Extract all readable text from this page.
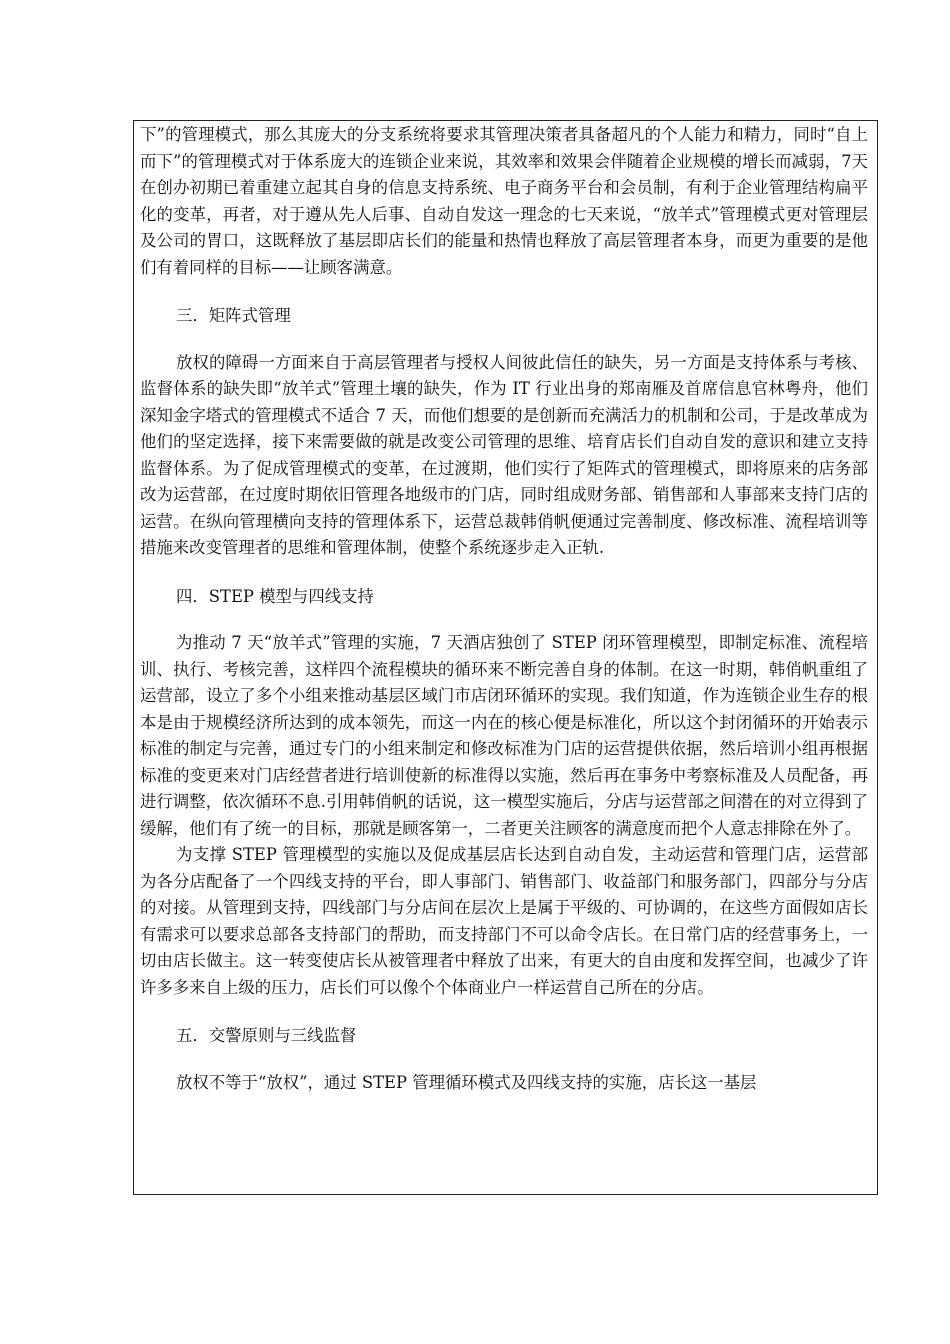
下”的管理模式，那么其庞大的分支系统将要求其管理决策者具备超凡的个人能力和精力，同时“自上而下”的管理模式对于体系庞大的连锁企业来说，其效率和效果会伴随着企业规模的增长而减弱，7天在创办初期已着重建立起其自身的信息支持系统、电子商务平台和会员制，有利于企业管理结构扁平化的变革，再者，对于遵从先人后事、自动自发这一理念的七天来说，“放羊式”管理模式更对管理层及公司的胃口，这既释放了基层即店长们的能量和热情也释放了高层管理者本身，而更为重要的是他们有着同样的目标——让顾客满意。

三．矩阵式管理

放权的障碍一方面来自于高层管理者与授权人间彼此信任的缺失，另一方面是支持体系与考核、监督体系的缺失即“放羊式”管理土壤的缺失，作为 IT 行业出身的郑南雁及首席信息官林粤舟，他们深知金字塔式的管理模式不适合 7 天，而他们想要的是创新而充满活力的机制和公司，于是改革成为他们的坚定选择，接下来需要做的就是改变公司管理的思维、培育店长们自动自发的意识和建立支持监督体系。为了促成管理模式的变革，在过渡期，他们实行了矩阵式的管理模式，即将原来的店务部改为运营部，在过度时期依旧管理各地级市的门店，同时组成财务部、销售部和人事部来支持门店的运营。在纵向管理横向支持的管理体系下，运营总裁韩俏帆便通过完善制度、修改标准、流程培训等措施来改变管理者的思维和管理体制，使整个系统逐步走入正轨.

四．STEP 模型与四线支持

为推动 7 天“放羊式”管理的实施，7 天酒店独创了 STEP 闭环管理模型，即制定标准、流程培训、执行、考核完善，这样四个流程模块的循环来不断完善自身的体制。在这一时期，韩俏帆重组了运营部，设立了多个小组来推动基层区域门市店闭环循环的实现。我们知道，作为连锁企业生存的根本是由于规模经济所达到的成本领先，而这一内在的核心便是标准化，所以这个封闭循环的开始表示标准的制定与完善，通过专门的小组来制定和修改标准为门店的运营提供依据，然后培训小组再根据标准的变更来对门店经营者进行培训使新的标准得以实施，然后再在事务中考察标准及人员配备，再进行调整，依次循环不息.引用韩俏帆的话说，这一模型实施后，分店与运营部之间潜在的对立得到了缓解，他们有了统一的目标，那就是顾客第一，二者更关注顾客的满意度而把个人意志排除在外了。

为支撑 STEP 管理模型的实施以及促成基层店长达到自动自发，主动运营和管理门店，运营部为各分店配备了一个四线支持的平台，即人事部门、销售部门、收益部门和服务部门，四部分与分店的对接。从管理到支持，四线部门与分店间在层次上是属于平级的、可协调的，在这些方面假如店长有需求可以要求总部各支持部门的帮助，而支持部门不可以命令店长。在日常门店的经营事务上，一切由店长做主。这一转变使店长从被管理者中释放了出来，有更大的自由度和发挥空间，也减少了许许多多来自上级的压力，店长们可以像个个体商业户一样运营自己所在的分店。

五．交警原则与三线监督

放权不等于“放权”，通过 STEP 管理循环模式及四线支持的实施，店长这一基层
